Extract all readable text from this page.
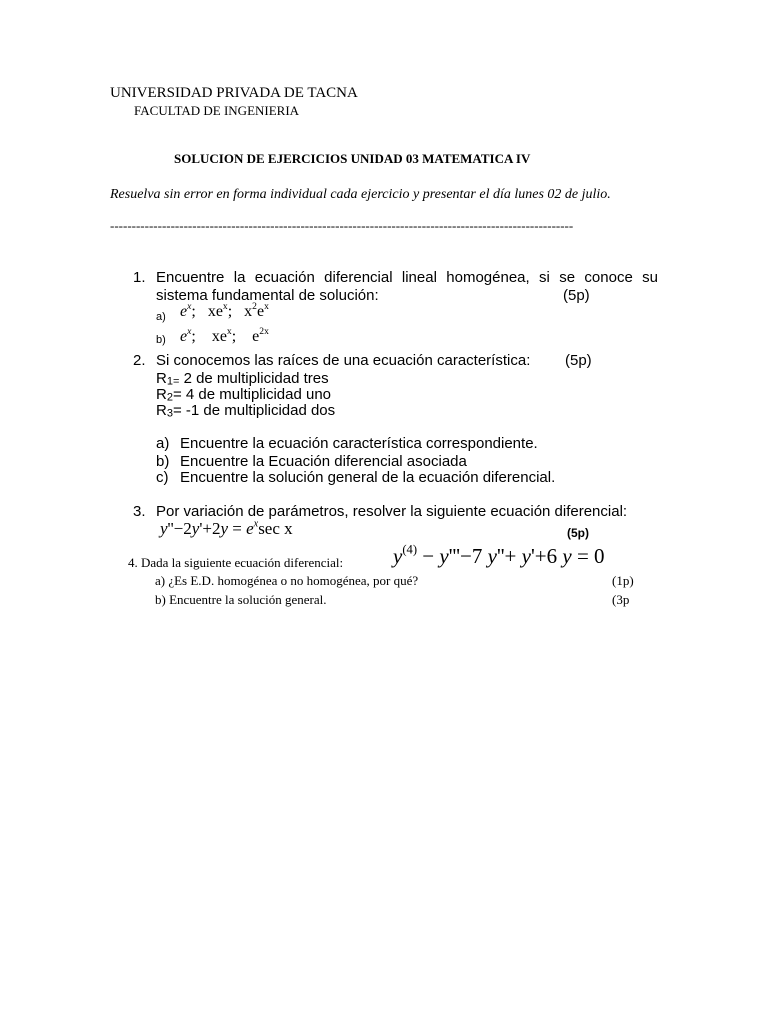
UNIVERSIDAD PRIVADA DE TACNA
FACULTAD DE INGENIERIA
SOLUCION DE EJERCICIOS UNIDAD 03 MATEMATICA IV
Resuelva sin error en forma individual cada ejercicio y presentar el día lunes 02 de julio.
-----------------------------------------------------------------------------------------------------------
1. Encuentre la ecuación diferencial lineal homogénea, si se conoce su
sistema fundamental de solución:	(5p)
a) $e^x$;   $xe^x$;   $x^2e^x$
b) $e^x$;    $xe^x$;    $e^{2x}$
2. Si conocemos las raíces de una ecuación característica: (5p)
$R_{1=}$ 2 de multiplicidad tres
$R_2= 4$ de multiplicidad uno
$R_3= -1$ de multiplicidad dos
a) Encuentre la ecuación característica correspondiente.
b) Encuentre la Ecuación diferencial asociada
c) Encuentre la solución general de la ecuación diferencial.
3. Por variación de parámetros, resolver la siguiente ecuación diferencial:
$y''-2y'+2y = e^x\sec$ x	(5p)
4. Dada la siguiente ecuación diferencial: $y^{(4)} - y'''-7$ y''+ y'+6 y = 0
a) ¿Es E.D. homogénea o no homogénea, por qué?	(1p)
b) Encuentre la solución general.	(3p
